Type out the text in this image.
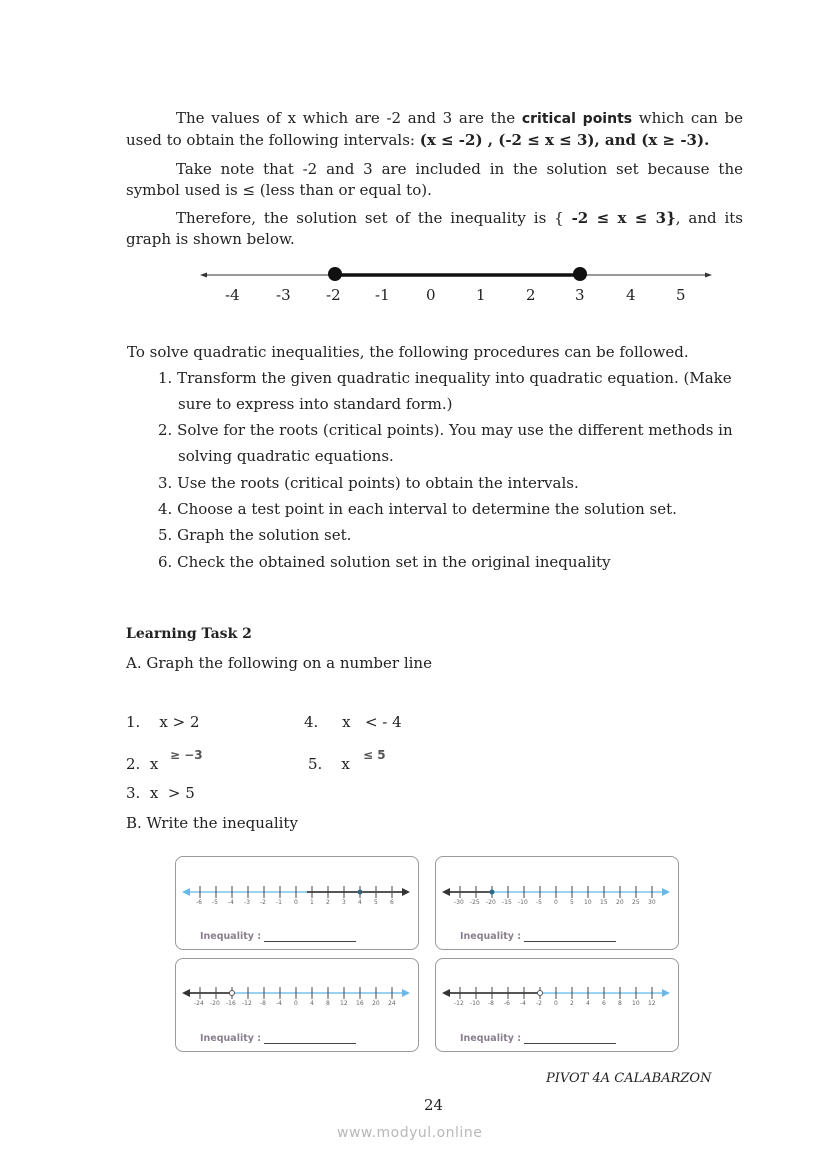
The values of x which are -2 and 3 are the critical points which can be used to obtain the following intervals: (x ≤ -2) , (-2 ≤ x ≤ 3), and (x ≥ -3).
Take note that -2 and 3 are included in the solution set because the symbol used is ≤ (less than or equal to).
Therefore, the solution set of the inequality is { -2 ≤ x ≤ 3}, and its graph is shown below.
-4 -3 -2 -1 0	1	2	3	4	5
To solve quadratic inequalities, the following procedures can be followed.
1. Transform the given quadratic inequality into quadratic equation. (Make
sure to express into standard form.)
2. Solve for the roots (critical points). You may use the different methods in
solving quadratic equations.
3. Use the roots (critical points) to obtain the intervals.
4. Choose a test point in each interval to determine the solution set.
5. Graph the solution set.
6. Check the obtained solution set in the original inequality
Learning Task 2
A. Graph the following on a number line
1. x > 2	4. x < - 4
2. x ≥ −3	5. x ≤ 5
3. x > 5
B. Write the inequality
-6 -5 -4 -3 -2 -1 0 1 2 3 4 5 6
Inequality :
-30 -25 -20 -15 -10 -5 0 5 10 15 20 25 30
Inequality :
-24 -20 -16 -12 -8 -4 0 4 8 12 16 20 24
Inequality :
-12 -10 -8 -6 -4 -2 0 2 4 6 8 10 12
Inequality :
PIVOT 4A CALABARZON
24
www.modyul.online
